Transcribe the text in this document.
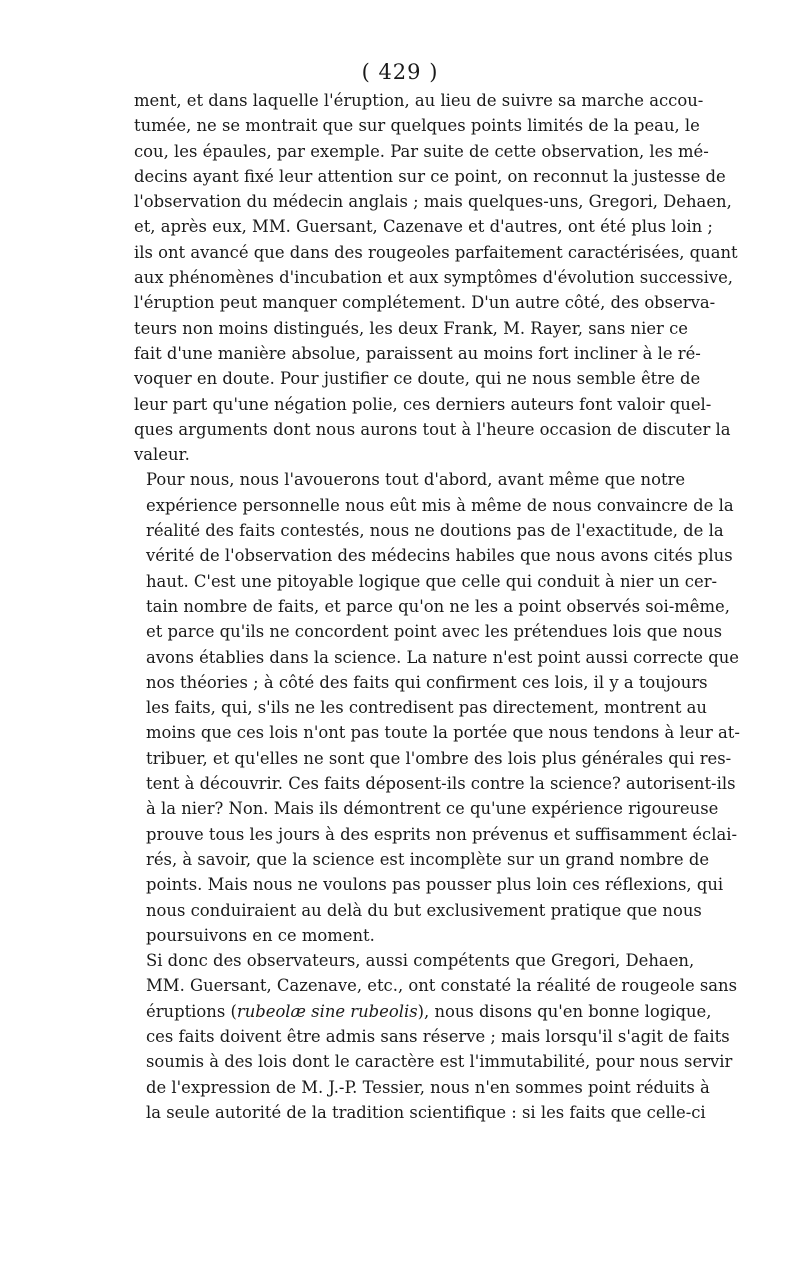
( 429 )
ment, et dans laquelle l'éruption, au lieu de suivre sa marche accou-
tumée, ne se montrait que sur quelques points limités de la peau, le
cou, les épaules, par exemple. Par suite de cette observation, les mé-
decins ayant fixé leur attention sur ce point, on reconnut la justesse de
l'observation du médecin anglais ; mais quelques-uns, Gregori, Dehaen,
et, après eux, MM. Guersant, Cazenave et d'autres, ont été plus loin ;
ils ont avancé que dans des rougeoles parfaitement caractérisées, quant
aux phénomènes d'incubation et aux symptômes d'évolution successive,
l'éruption peut manquer complétement. D'un autre côté, des observa-
teurs non moins distingués, les deux Frank, M. Rayer, sans nier ce
fait d'une manière absolue, paraissent au moins fort incliner à le ré-
voquer en doute. Pour justifier ce doute, qui ne nous semble être de
leur part qu'une négation polie, ces derniers auteurs font valoir quel-
ques arguments dont nous aurons tout à l'heure occasion de discuter la
valeur.
Pour nous, nous l'avouerons tout d'abord, avant même que notre
expérience personnelle nous eût mis à même de nous convaincre de la
réalité des faits contestés, nous ne doutions pas de l'exactitude, de la
vérité de l'observation des médecins habiles que nous avons cités plus
haut. C'est une pitoyable logique que celle qui conduit à nier un cer-
tain nombre de faits, et parce qu'on ne les a point observés soi-même,
et parce qu'ils ne concordent point avec les prétendues lois que nous
avons établies dans la science. La nature n'est point aussi correcte que
nos théories ; à côté des faits qui confirment ces lois, il y a toujours
les faits, qui, s'ils ne les contredisent pas directement, montrent au
moins que ces lois n'ont pas toute la portée que nous tendons à leur at-
tribuer, et qu'elles ne sont que l'ombre des lois plus générales qui res-
tent à découvrir. Ces faits déposent-ils contre la science? autorisent-ils
à la nier? Non. Mais ils démontrent ce qu'une expérience rigoureuse
prouve tous les jours à des esprits non prévenus et suffisamment éclai-
rés, à savoir, que la science est incomplète sur un grand nombre de
points. Mais nous ne voulons pas pousser plus loin ces réflexions, qui
nous conduiraient au delà du but exclusivement pratique que nous
poursuivons en ce moment.
Si donc des observateurs, aussi compétents que Gregori, Dehaen,
MM. Guersant, Cazenave, etc., ont constaté la réalité de rougeole sans
éruptions (rubeolæ sine rubeolis), nous disons qu'en bonne logique,
ces faits doivent être admis sans réserve ; mais lorsqu'il s'agit de faits
soumis à des lois dont le caractère est l'immutabilité, pour nous servir
de l'expression de M. J.-P. Tessier, nous n'en sommes point réduits à
la seule autorité de la tradition scientifique : si les faits que celle-ci
